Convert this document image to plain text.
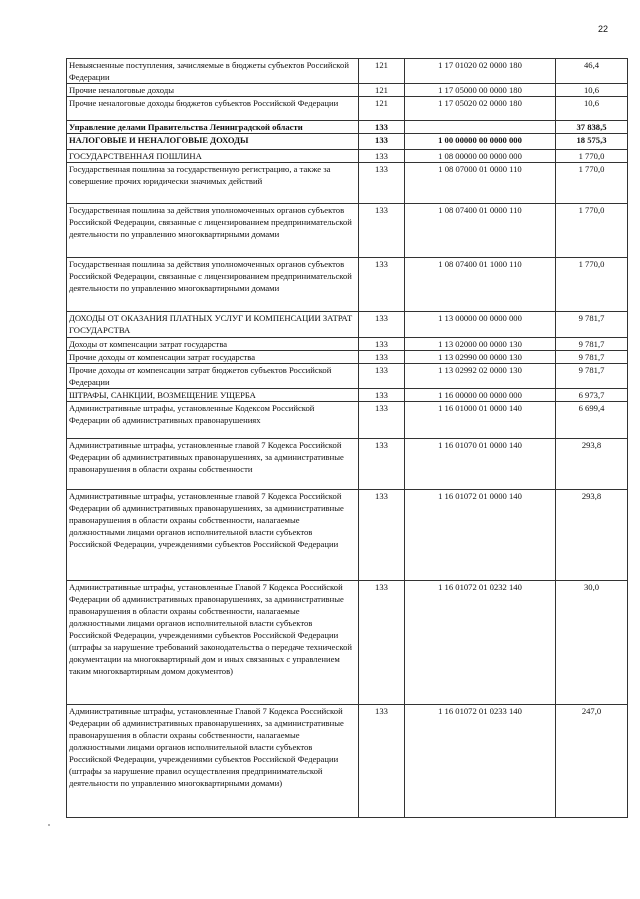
22
Невыясненные поступления, зачисляемые в бюджеты субъектов Российской Федерации	121	1 17 01020 02 0000 180	46,4
Прочие неналоговые доходы	121	1 17 05000 00 0000 180	10,6
Прочие неналоговые доходы бюджетов субъектов Российской Федерации	121	1 17 05020 02 0000 180	10,6
Управление делами Правительства Ленинградской области	133		37 838,5
НАЛОГОВЫЕ И НЕНАЛОГОВЫЕ ДОХОДЫ	133	1 00 00000 00 0000 000	18 575,3
ГОСУДАРСТВЕННАЯ ПОШЛИНА	133	1 08 00000 00 0000 000	1 770,0
Государственная пошлина за государственную регистрацию, а также за совершение прочих юридически значимых действий	133	1 08 07000 01 0000 110	1 770,0
Государственная пошлина за действия уполномоченных органов субъектов Российской Федерации, связанные с лицензированием предпринимательской деятельности по управлению многоквартирными домами	133	1 08 07400 01 0000 110	1 770,0
Государственная пошлина за действия уполномоченных органов субъектов Российской Федерации, связанные с лицензированием предпринимательской деятельности по управлению многоквартирными домами	133	1 08 07400 01 1000 110	1 770,0
ДОХОДЫ ОТ ОКАЗАНИЯ ПЛАТНЫХ УСЛУГ И КОМПЕНСАЦИИ ЗАТРАТ ГОСУДАРСТВА	133	1 13 00000 00 0000 000	9 781,7
Доходы от компенсации затрат государства	133	1 13 02000 00 0000 130	9 781,7
Прочие доходы от компенсации затрат государства	133	1 13 02990 00 0000 130	9 781,7
Прочие доходы от компенсации затрат бюджетов субъектов Российской Федерации	133	1 13 02992 02 0000 130	9 781,7
ШТРАФЫ, САНКЦИИ, ВОЗМЕЩЕНИЕ УЩЕРБА	133	1 16 00000 00 0000 000	6 973,7
Административные штрафы, установленные Кодексом Российской Федерации об административных правонарушениях	133	1 16 01000 01 0000 140	6 699,4
Административные штрафы, установленные главой 7 Кодекса Российской Федерации об административных правонарушениях, за административные правонарушения в области охраны собственности	133	1 16 01070 01 0000 140	293,8
Административные штрафы, установленные главой 7 Кодекса Российской Федерации об административных правонарушениях, за административные правонарушения в области охраны собственности, налагаемые должностными лицами органов исполнительной власти субъектов Российской Федерации, учреждениями субъектов Российской Федерации	133	1 16 01072 01 0000 140	293,8
Административные штрафы, установленные Главой 7 Кодекса Российской Федерации об административных правонарушениях, за административные правонарушения в области охраны собственности, налагаемые должностными лицами органов исполнительной власти субъектов Российской Федерации, учреждениями субъектов Российской Федерации (штрафы за нарушение требований законодательства о передаче технической документации на многоквартирный дом и иных связанных с управлением таким многоквартирным домом документов)	133	1 16 01072 01 0232 140	30,0
Административные штрафы, установленные Главой 7 Кодекса Российской Федерации об административных правонарушениях, за административные правонарушения в области охраны собственности, налагаемые должностными лицами органов исполнительной власти субъектов Российской Федерации, учреждениями субъектов Российской Федерации (штрафы за нарушение правил осуществления предпринимательской деятельности по управлению многоквартирными домами)	133	1 16 01072 01 0233 140	247,0
